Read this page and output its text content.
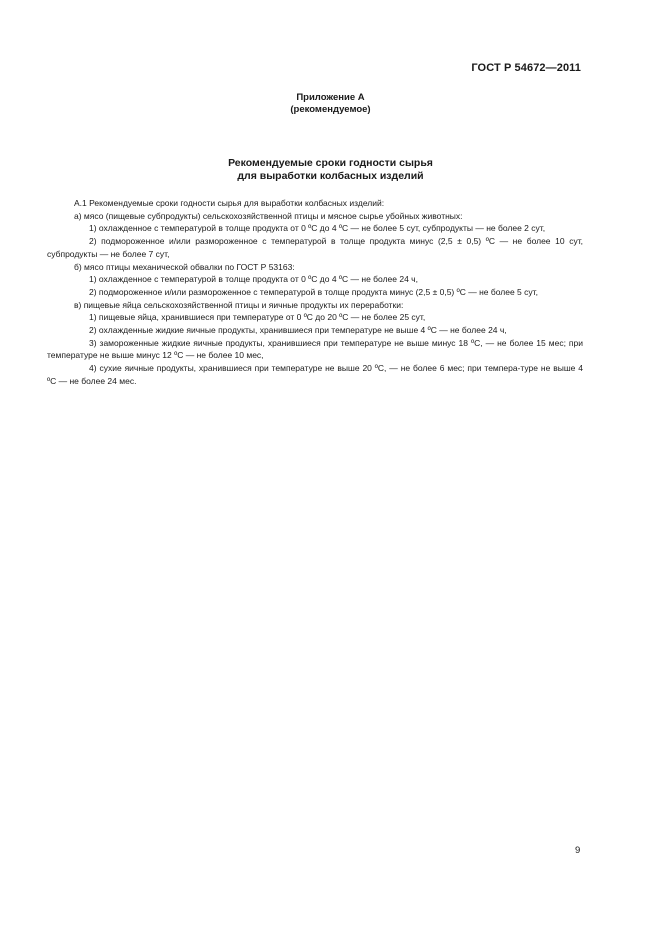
ГОСТ Р 54672—2011
Приложение А
(рекомендуемое)
Рекомендуемые сроки годности сырья
для выработки колбасных изделий

А.1 Рекомендуемые сроки годности сырья для выработки колбасных изделий:

а) мясо (пищевые субпродукты) сельскохозяйственной птицы и мясное сырье убойных животных:

1) охлажденное с температурой в толще продукта от 0 ºС до 4 ºС — не более 5 сут, субпродукты — не более 2 сут,

2) подмороженное и/или размороженное с температурой в толще продукта минус (2,5 ± 0,5) ºС — не более 10 сут, субпродукты — не более 7 сут,

б) мясо птицы механической обвалки по ГОСТ Р 53163:

1) охлажденное с температурой в толще продукта от 0 ºС до 4 ºС — не более 24 ч,

2) подмороженное и/или размороженное с температурой в толще продукта минус (2,5 ± 0,5) ºС — не более 5 сут,

в) пищевые яйца сельскохозяйственной птицы и яичные продукты их переработки:

1) пищевые яйца, хранившиеся при температуре от 0 ºС до 20 ºС — не более 25 сут,

2) охлажденные жидкие яичные продукты, хранившиеся при температуре не выше 4 ºС — не более 24 ч,

3) замороженные жидкие яичные продукты, хранившиеся при температуре не выше минус 18 ºС, — не более 15 мес; при температуре не выше минус 12 ºС — не более 10 мес,

4) сухие яичные продукты, хранившиеся при температуре не выше 20 ºС, — не более 6 мес; при темпера-туре не выше 4 ºС — не более 24 мес.

9
